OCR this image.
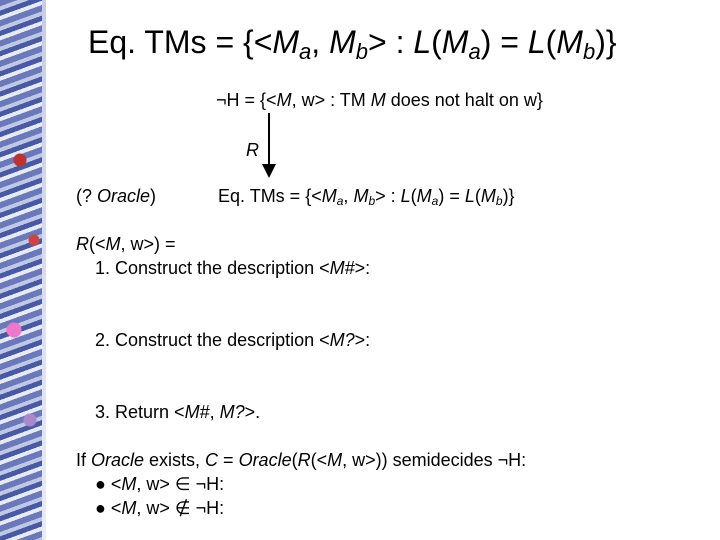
Eq. TMs = {$<M_a$, $M_b>$ : $L(M_a) = L(M_b)$}
¬H = {<M, w> : TM M does not halt on w}
R
(? Oracle)	Eq. TMs = {$<M_a$, $M_b>$ : $L(M_a) = L(M_b)$}
R(<M, w>) =
1. Construct the description <M#>:
2. Construct the description <M?>:
3. Return <M#, M?>.
If Oracle exists, C = Oracle(R(<M, w>)) semidecides ¬H:
● <M, w> ∈ ¬H:
● <M, w> ∉ ¬H:
